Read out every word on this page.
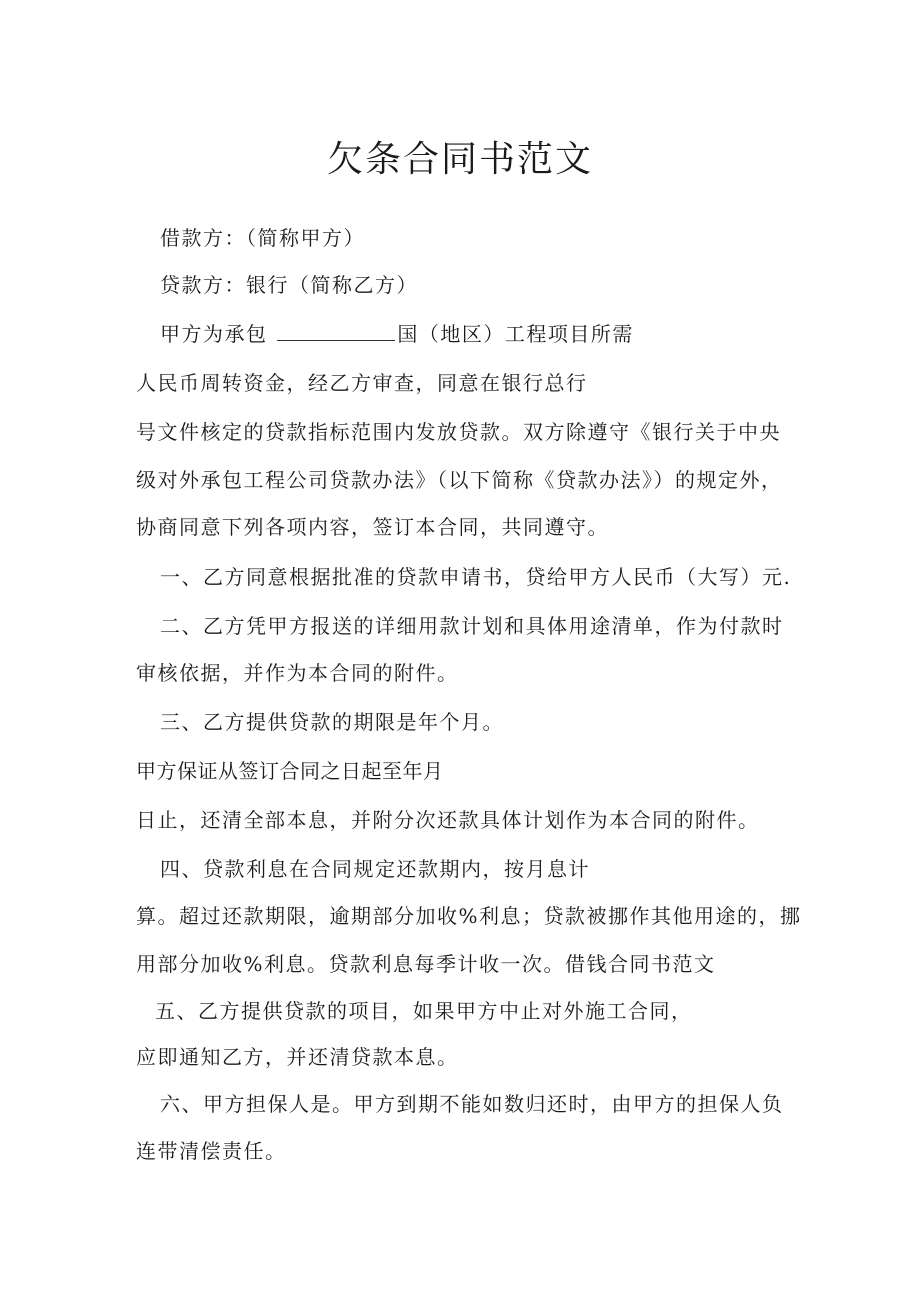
欠条合同书范文

借款方：（简称甲方）

贷款方：银行（简称乙方）

甲方为承包	国（地区）工程项目所需

人民币周转资金，经乙方审查，同意在银行总行

号文件核定的贷款指标范围内发放贷款。双方除遵守《银行关于中央

级对外承包工程公司贷款办法》（以下简称《贷款办法》）的规定外，

协商同意下列各项内容，签订本合同，共同遵守。

一、乙方同意根据批准的贷款申请书，贷给甲方人民币（大写）元.

二、乙方凭甲方报送的详细用款计划和具体用途清单，作为付款时

审核依据，并作为本合同的附件。

三、乙方提供贷款的期限是年个月。

甲方保证从签订合同之日起至年月

日止，还清全部本息，并附分次还款具体计划作为本合同的附件。

四、贷款利息在合同规定还款期内，按月息计

算。超过还款期限，逾期部分加收%利息；贷款被挪作其他用途的，挪

用部分加收%利息。贷款利息每季计收一次。借钱合同书范文

五、乙方提供贷款的项目，如果甲方中止对外施工合同，

应即通知乙方，并还清贷款本息。

六、甲方担保人是。甲方到期不能如数归还时，由甲方的担保人负

连带清偿责任。
